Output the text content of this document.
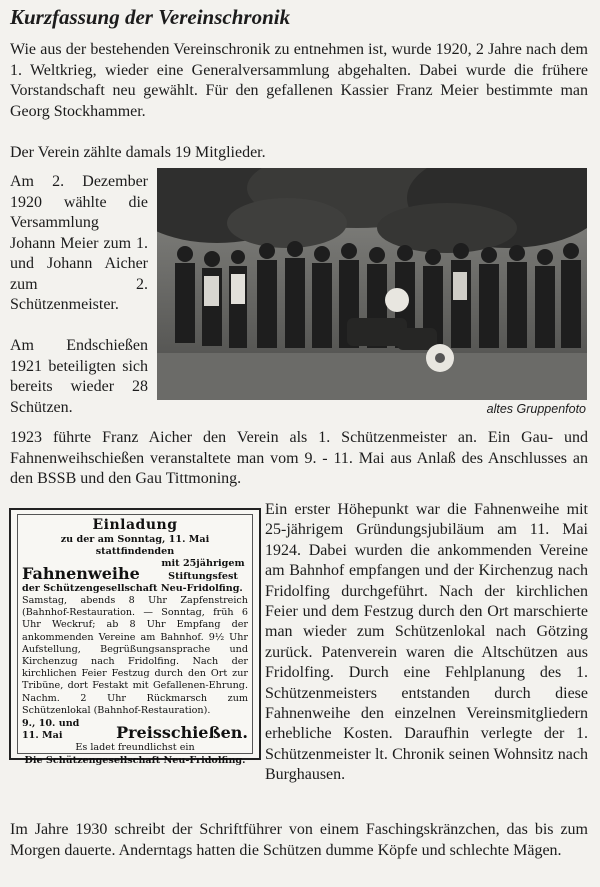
Kurzfassung der Vereinschronik

Wie aus der bestehenden Vereinschronik zu entnehmen ist, wurde 1920, 2 Jahre nach dem 1. Weltkrieg, wieder eine Generalversammlung abgehalten. Dabei wurde die frühere Vorstandschaft neu gewählt. Für den gefallenen Kassier Franz Meier bestimmte man Georg Stockhammer.

Der Verein zählte damals 19 Mitglieder.

Am 2. Dezember 1920 wählte die Versammlung Johann Meier zum 1. und Johann Aicher zum 2. Schützenmeister.

Am Endschießen 1921 beteiligten sich bereits wieder 28 Schützen.	altes Gruppenfoto

1923 führte Franz Aicher den Verein als 1. Schützenmeister an. Ein Gau- und Fahnenweihschießen veranstaltete man vom 9. - 11. Mai aus Anlaß des Anschlusses an den BSSB und den Gau Tittmoning.

Einladung
zu der am Sonntag, 11. Mai stattfindenden
Fahnenweihe	mit 25jährigem Stiftungsfest
der Schützengesellschaft Neu-Fridolfing.
Samstag, abends 8 Uhr Zapfenstreich (Bahnhof-Restauration. — Sonntag, früh 6 Uhr Weckruf; ab 8 Uhr Empfang der ankommenden Vereine am Bahnhof. 9½ Uhr Aufstellung, Begrüßungsansprache und Kirchenzug nach Fridolfing. Nach der kirchlichen Feier Festzug durch den Ort zur Tribüne, dort Festakt mit Gefallenen-Ehrung. Nachm. 2 Uhr Rückmarsch zum Schützenlokal (Bahnhof-Restauration).
9., 10. und 11. Mai	Preisschießen.
Es ladet freundlichst ein
Die Schützengesellschaft Neu-Fridolfing.

Ein erster Höhepunkt war die Fahnenweihe mit 25-jährigem Gründungsjubiläum am 11. Mai 1924. Dabei wurden die ankommenden Vereine am Bahnhof empfangen und der Kirchenzug nach Fridolfing durchgeführt. Nach der kirchlichen Feier und dem Festzug durch den Ort marschierte man wieder zum Schützenlokal nach Götzing zurück. Patenverein waren die Altschützen aus Fridolfing. Durch eine Fehlplanung des 1. Schützenmeisters entstanden durch diese Fahnenweihe den einzelnen Vereinsmitgliedern erhebliche Kosten. Daraufhin verlegte der 1. Schützenmeister lt. Chronik seinen Wohnsitz nach Burghausen.

Im Jahre 1930 schreibt der Schriftführer von einem Faschingskränzchen, das bis zum Morgen dauerte. Anderntags hatten die Schützen dumme Köpfe und schlechte Mägen.
